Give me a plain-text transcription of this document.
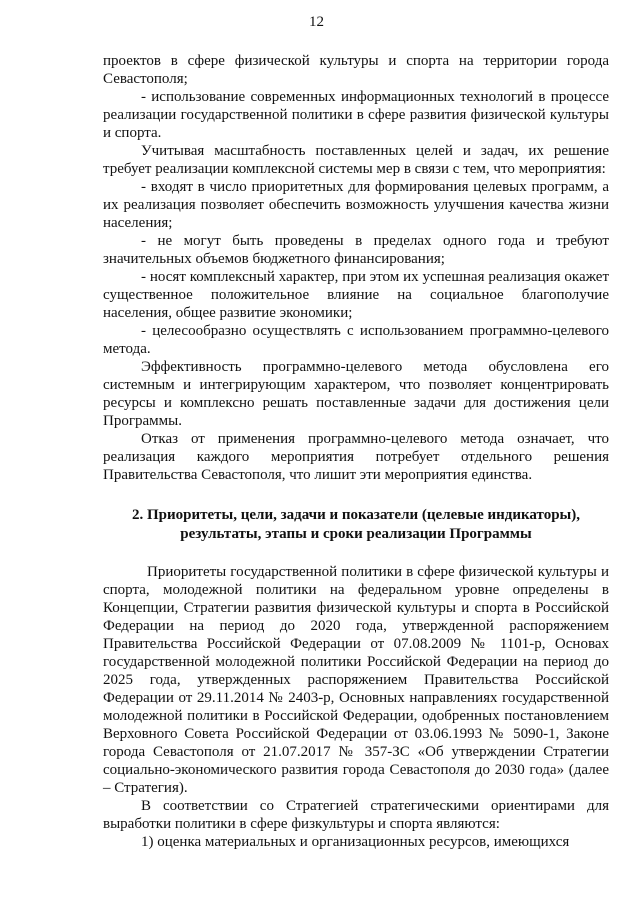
12

проектов в сфере физической культуры и спорта на территории города Севастополя;

- использование современных информационных технологий в процессе реализации государственной политики в сфере развития физической культуры и спорта.

Учитывая масштабность поставленных целей и задач, их решение требует реализации комплексной системы мер в связи с тем, что мероприятия:

- входят в число приоритетных для формирования целевых программ, а их реализация позволяет обеспечить возможность улучшения качества жизни населения;

- не могут быть проведены в пределах одного года и требуют значительных объемов бюджетного финансирования;

- носят комплексный характер, при этом их успешная реализация окажет существенное положительное влияние на социальное благополучие населения, общее развитие экономики;

- целесообразно осуществлять с использованием программно-целевого метода.

Эффективность программно-целевого метода обусловлена его системным и интегрирующим характером, что позволяет концентрировать ресурсы и комплексно решать поставленные задачи для достижения цели Программы.

Отказ от применения программно-целевого метода означает, что реализация каждого мероприятия потребует отдельного решения Правительства Севастополя, что лишит эти мероприятия единства.

2. Приоритеты, цели, задачи и показатели (целевые индикаторы),
результаты, этапы и сроки реализации Программы

Приоритеты государственной политики в сфере физической культуры и спорта, молодежной политики на федеральном уровне определены в Концепции, Стратегии развития физической культуры и спорта в Российской Федерации на период до 2020 года, утвержденной распоряжением Правительства Российской Федерации от 07.08.2009 № 1101-р, Основах государственной молодежной политики Российской Федерации на период до 2025 года, утвержденных распоряжением Правительства Российской Федерации от 29.11.2014 № 2403-р, Основных направлениях государственной молодежной политики в Российской Федерации, одобренных постановлением Верховного Совета Российской Федерации от 03.06.1993 № 5090-1, Законе города Севастополя от 21.07.2017 № 357-ЗС «Об утверждении Стратегии социально-экономического развития города Севастополя до 2030 года» (далее – Стратегия).

В соответствии со Стратегией стратегическими ориентирами для выработки политики в сфере физкультуры и спорта являются:

1) оценка материальных и организационных ресурсов, имеющихся
